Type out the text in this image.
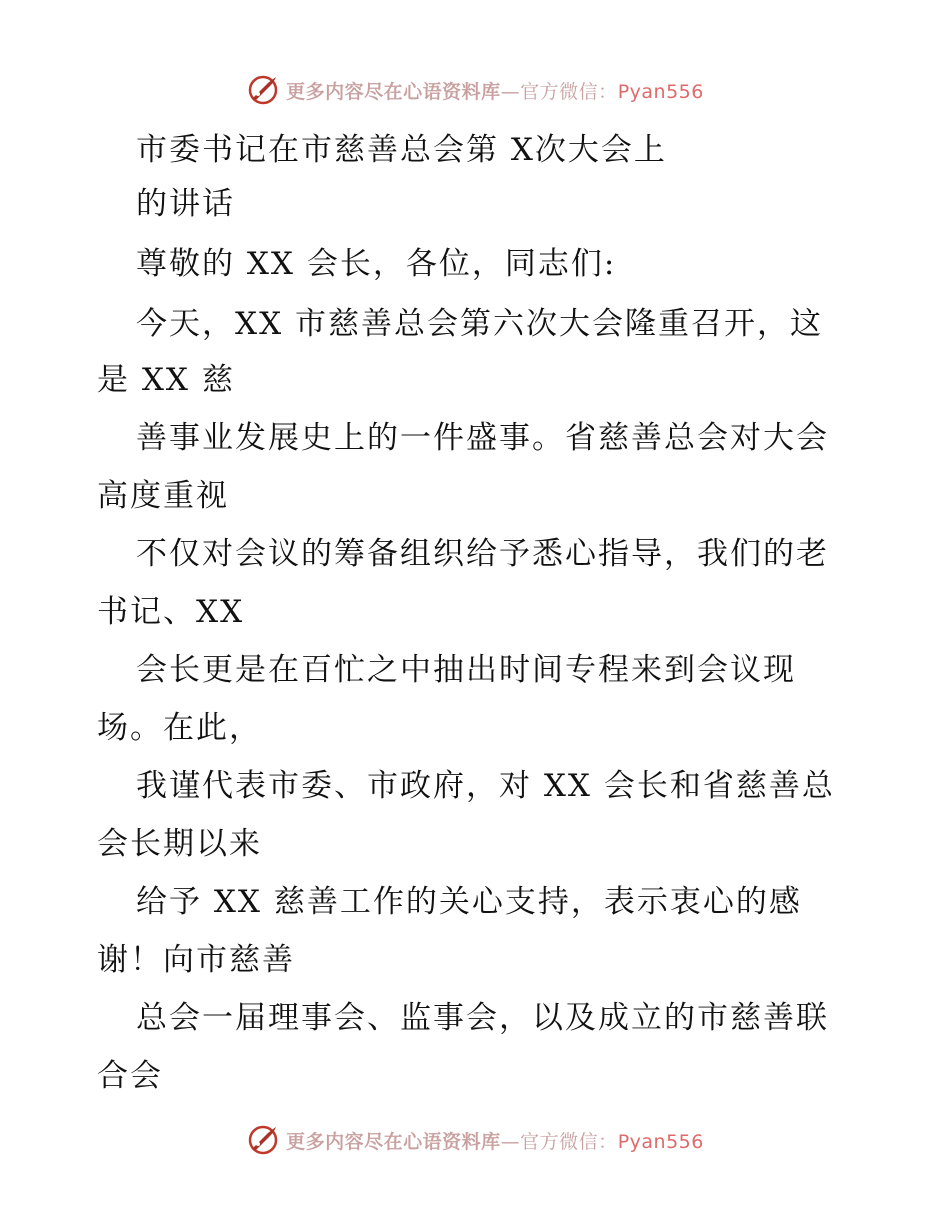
更多内容尽在心语资料库—官方微信：Pyan556
市委书记在市慈善总会第 X次大会上
的讲话
尊敬的 XX 会长，各位，同志们:
今天，XX 市慈善总会第六次大会隆重召开，这
是 XX 慈
善事业发展史上的一件盛事。省慈善总会对大会
高度重视
不仅对会议的筹备组织给予悉心指导，我们的老
书记、XX
会长更是在百忙之中抽出时间专程来到会议现
场。在此，
我谨代表市委、市政府，对 XX 会长和省慈善总
会长期以来
给予 XX 慈善工作的关心支持，表示衷心的感
谢！向市慈善
总会一届理事会、监事会，以及成立的市慈善联
合会
更多内容尽在心语资料库—官方微信：Pyan556
